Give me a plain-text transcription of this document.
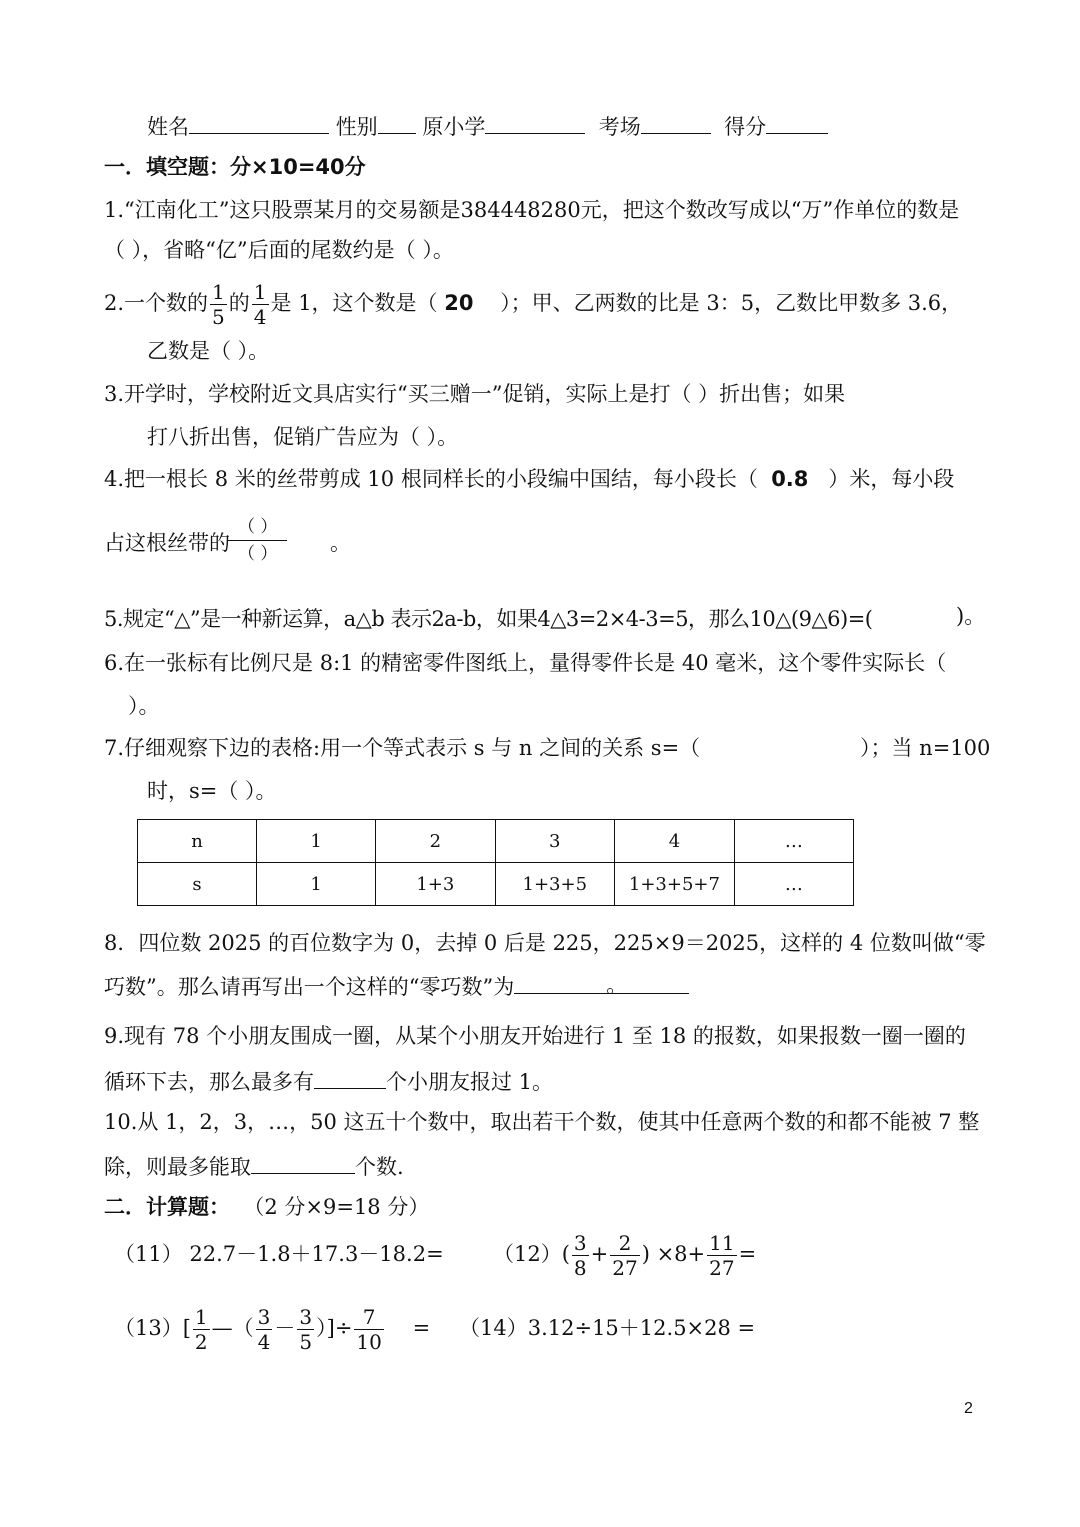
姓名	性别 原小学	考场	得分
一．填空题：分×10=40分
1.“江南化工”这只股票某月的交易额是384448280元，把这个数改写成以“万”作单位的数是
（ ），省略“亿”后面的尾数约是（ ）。
2.一个数的 $\frac{1}{5}$ 的 $\frac{1}{4}$ 是 1，这个数是（ 20 ）；甲、乙两数的比是 3：5，乙数比甲数多 3.6，
乙数是（ ）。
3.开学时，学校附近文具店实行“买三赠一”促销，实际上是打（ ）折出售；如果
打八折出售，促销广告应为（ ）。
4.把一根长 8 米的丝带剪成 10 根同样长的小段编中国结，每小段长（ 0.8 ）米，每小段
占这根丝带的
（ ）
（ ）	。
5.规定“△”是一种新运算，a△b 表示2a-b，如果4△3=2×4-3=5，那么10△(9△6)=(	)。
6.在一张标有比例尺是 8:1 的精密零件图纸上，量得零件长是 40 毫米，这个零件实际长（
）。
7.仔细观察下边的表格:用一个等式表示 s 与 n 之间的关系 s=（	）；当 n=100
时，s=（ ）。
n	1	2	3	4	…
s	1	1+3	1+3+5	1+3+5+7	…
8．四位数 2025 的百位数字为 0，去掉 0 后是 225，225×9＝2025，这样的 4 位数叫做“零
巧数”。那么请再写出一个这样的“零巧数”为	。
9.现有 78 个小朋友围成一圈，从某个小朋友开始进行 1 至 18 的报数，如果报数一圈一圈的
循环下去，那么最多有	个小朋友报过 1。
10.从 1，2，3，…，50 这五十个数中，取出若干个数，使其中任意两个数的和都不能被 7 整
除，则最多能取	个数.
二．计算题： （2 分×9=18 分）
（11） $22.7-1.8+17.3-18.2= (12)( \frac{3}{8} + \frac{2}{27}$ ) $\times 8+ \frac{11}{27}$ =
$(13)[ \frac{1}{2}$ —（ $\frac{3}{4} - \frac{3}{5}$ ）]÷ $\frac{7}{10} = (14)3.12\div 15+12.5\times 28$ =
2
